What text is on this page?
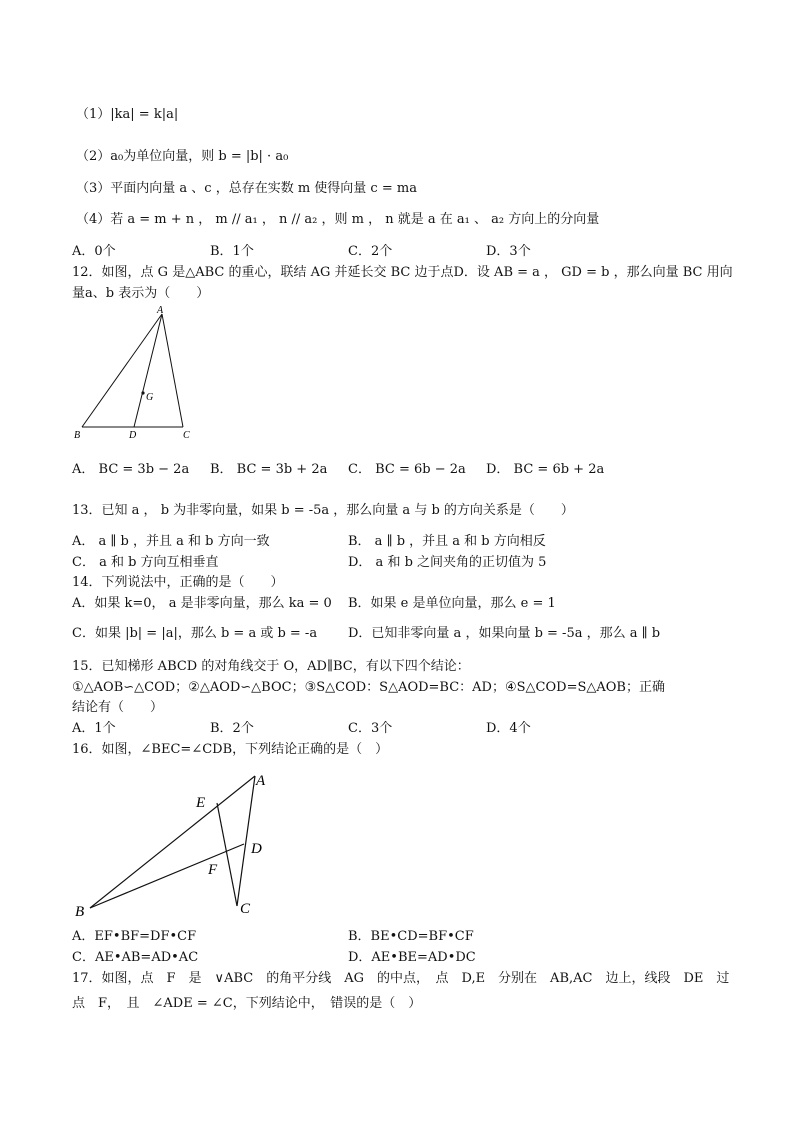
（1）|ka| = k|a|
（2）a₀为单位向量，则 b = |b| · a₀
（3）平面内向量 a 、c ，总存在实数 m 使得向量 c = ma
（4）若 a = m + n ， m // a₁ ， n // a₂ ，则 m ， n 就是 a 在 a₁ 、 a₂ 方向上的分向量
A．0个	B．1个	C．2个	D．3个
12．如图，点 G 是△ABC 的重心，联结 AG 并延长交 BC 边于点D．设 AB = a ， GD = b ，那么向量 BC 用向
量a、b 表示为（　　）
A
G
B	D	C
A． BC = 3b − 2a B． BC = 3b + 2a C． BC = 6b − 2a D． BC = 6b + 2a
13．已知 a ， b 为非零向量，如果 b = -5a ，那么向量 a 与 b 的方向关系是（　　）
A． a ∥ b ，并且 a 和 b 方向一致	B． a ∥ b ，并且 a 和 b 方向相反
C． a 和 b 方向互相垂直	D． a 和 b 之间夹角的正切值为 5
14．下列说法中，正确的是（　　）
A．如果 k=0， a 是非零向量，那么 ka = 0 B．如果 e 是单位向量，那么 e = 1
C．如果 |b| = |a|，那么 b = a 或 b = -a D．已知非零向量 a ，如果向量 b = -5a ，那么 a ∥ b
15．已知梯形 ABCD 的对角线交于 O，AD∥BC，有以下四个结论：
①△AOB∽△COD；②△AOD∽△BOC；③S△COD：S△AOD=BC：AD；④S△COD=S△AOB；正确
结论有（　　）
A．1个	B．2个	C．3个	D．4个
16．如图，∠BEC=∠CDB，下列结论正确的是（　）
A
E
D
F
B	C
A．EF•BF=DF•CF	B．BE•CD=BF•CF
C．AE•AB=AD•AC	D．AE•BE=AD•DC
17．如图，点　F　是　∨ABC　的角平分线　AG　的中点，　点　D,E　分别在　AB,AC　边上，线段　DE　过
点　F，　且　∠ADE = ∠C，下列结论中，　错误的是（　）
